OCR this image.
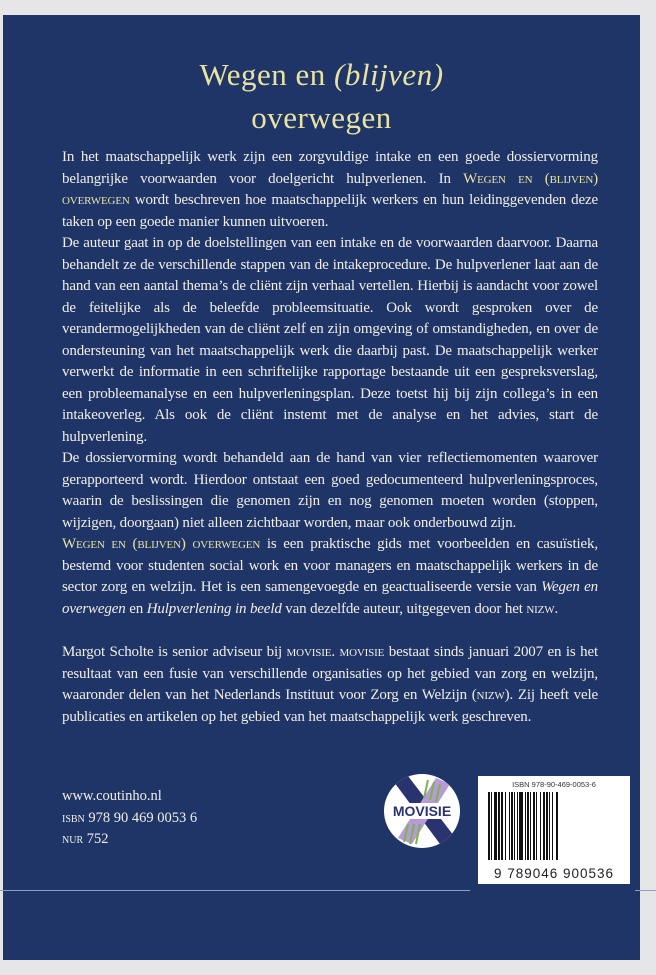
Wegen en (blijven)
overwegen

In het maatschappelijk werk zijn een zorgvuldige intake en een goede dossiervorming belangrijke voorwaarden voor doelgericht hulpverlenen. In Wegen en (blijven) overwegen wordt beschreven hoe maatschappelijk werkers en hun leidinggevenden deze taken op een goede manier kunnen uitvoeren.

De auteur gaat in op de doelstellingen van een intake en de voorwaarden daarvoor. Daarna behandelt ze de verschillende stappen van de intakeprocedure. De hulpverlener laat aan de hand van een aantal thema’s de cliënt zijn verhaal vertellen. Hierbij is aandacht voor zowel de feitelijke als de beleefde probleemsituatie. Ook wordt gesproken over de verandermogelijkheden van de cliënt zelf en zijn omgeving of omstandigheden, en over de ondersteuning van het maatschappelijk werk die daarbij past. De maatschappelijk werker verwerkt de informatie in een schriftelijke rapportage bestaande uit een gespreksverslag, een probleemanalyse en een hulpverleningsplan. Deze toetst hij bij zijn collega’s in een intakeoverleg. Als ook de cliënt instemt met de analyse en het advies, start de hulpverlening.

De dossiervorming wordt behandeld aan de hand van vier reflectiemomenten waarover gerapporteerd wordt. Hierdoor ontstaat een goed gedocumenteerd hulpverleningsproces, waarin de beslissingen die genomen zijn en nog genomen moeten worden (stoppen, wijzigen, doorgaan) niet alleen zichtbaar worden, maar ook onderbouwd zijn.

Wegen en (blijven) overwegen is een praktische gids met voorbeelden en casuïstiek, bestemd voor studenten social work en voor managers en maatschappelijk werkers in de sector zorg en welzijn. Het is een samengevoegde en geactualiseerde versie van Wegen en overwegen en Hulpverlening in beeld van dezelfde auteur, uitgegeven door het nizw.

Margot Scholte is senior adviseur bij movisie. movisie bestaat sinds januari 2007 en is het resultaat van een fusie van verschillende organisaties op het gebied van zorg en welzijn, waaronder delen van het Nederlands Instituut voor Zorg en Welzijn (nizw). Zij heeft vele publicaties en artikelen op het gebied van het maatschappelijk werk geschreven.

www.coutinho.nl
isbn 978 90 469 0053 6
nur 752
MOVISIE
ISBN 978-90-469-0053-6
9 789046 900536
